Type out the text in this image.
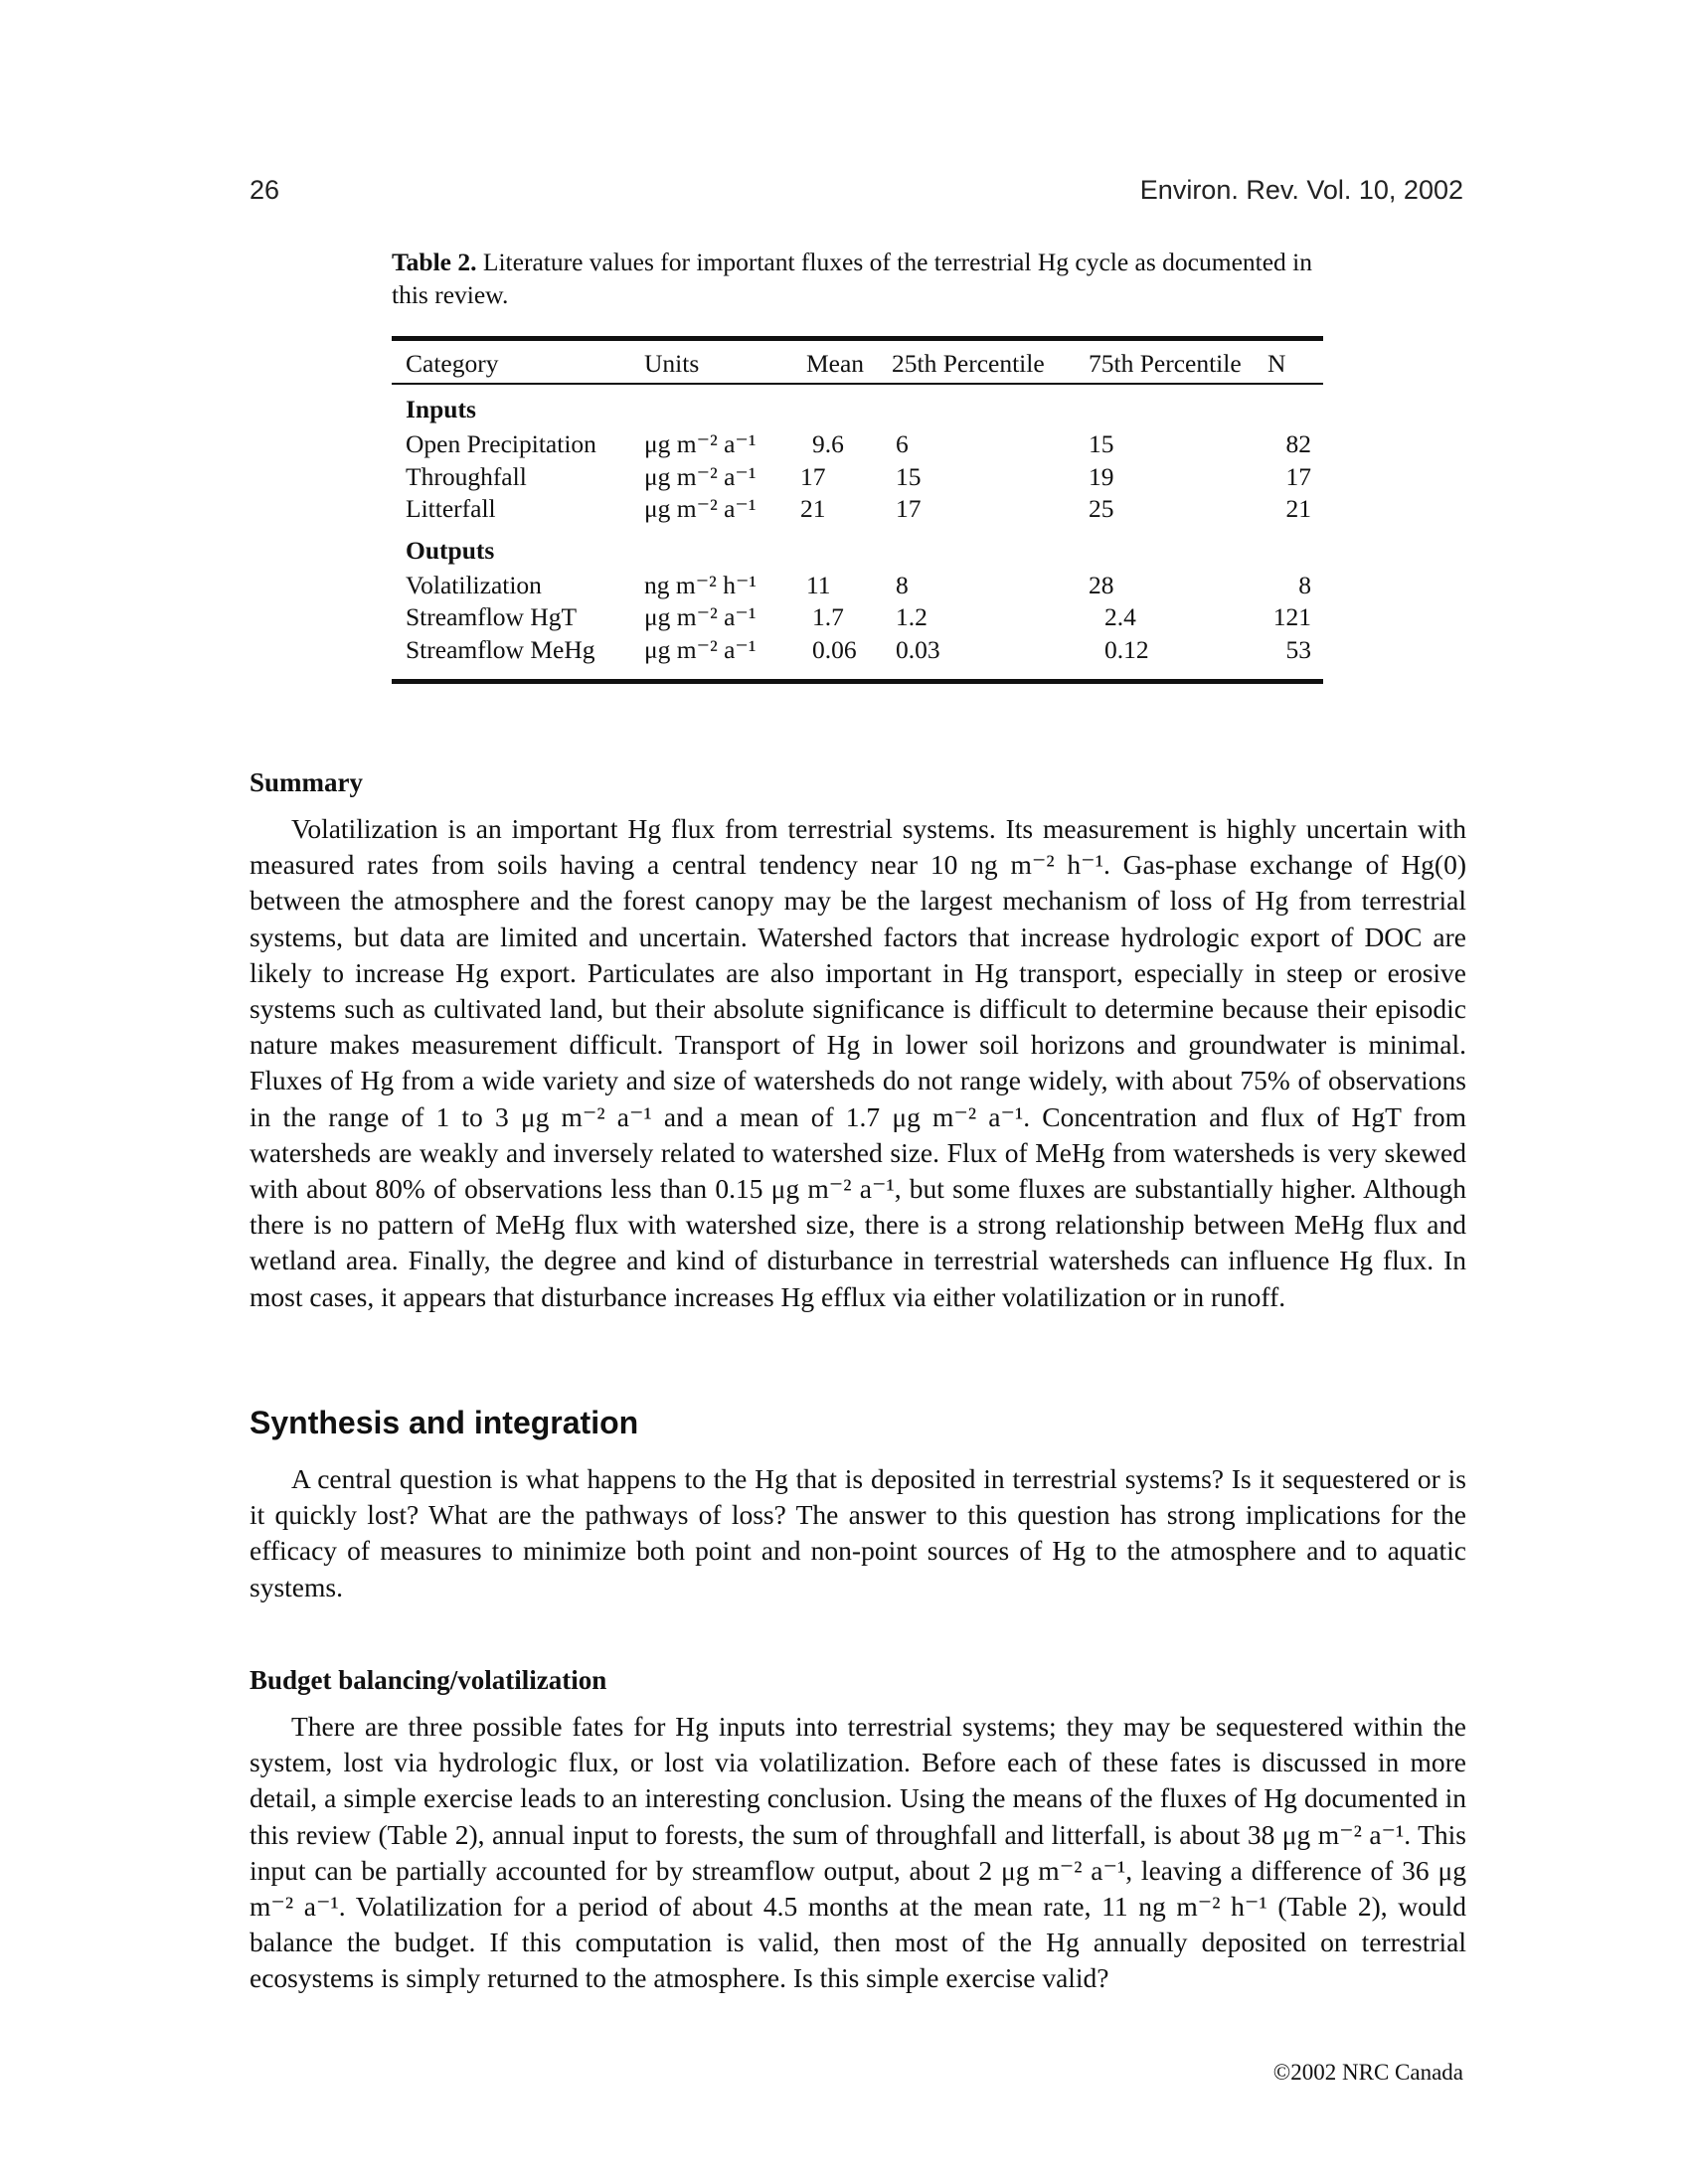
26	Environ. Rev. Vol. 10, 2002
Table 2. Literature values for important fluxes of the terrestrial Hg cycle as documented in this review.
Category	Units	Mean	25th Percentile	75th Percentile	N
Inputs					
Open Precipitation	μg m⁻² a⁻¹	9.6	6	15	82
Throughfall	μg m⁻² a⁻¹	17	15	19	17
Litterfall	μg m⁻² a⁻¹	21	17	25	21
Outputs					
Volatilization	ng m⁻² h⁻¹	11	8	28	8
Streamflow HgT	μg m⁻² a⁻¹	1.7	1.2	2.4	121
Streamflow MeHg	μg m⁻² a⁻¹	0.06	0.03	0.12	53
Summary

Volatilization is an important Hg flux from terrestrial systems. Its measurement is highly uncertain with measured rates from soils having a central tendency near 10 ng m⁻² h⁻¹. Gas-phase exchange of Hg(0) between the atmosphere and the forest canopy may be the largest mechanism of loss of Hg from terrestrial systems, but data are limited and uncertain. Watershed factors that increase hydrologic export of DOC are likely to increase Hg export. Particulates are also important in Hg transport, especially in steep or erosive systems such as cultivated land, but their absolute significance is difficult to determine because their episodic nature makes measurement difficult. Transport of Hg in lower soil horizons and groundwater is minimal. Fluxes of Hg from a wide variety and size of watersheds do not range widely, with about 75% of observations in the range of 1 to 3 μg m⁻² a⁻¹ and a mean of 1.7 μg m⁻² a⁻¹. Concentration and flux of HgT from watersheds are weakly and inversely related to watershed size. Flux of MeHg from watersheds is very skewed with about 80% of observations less than 0.15 μg m⁻² a⁻¹, but some fluxes are substantially higher. Although there is no pattern of MeHg flux with watershed size, there is a strong relationship between MeHg flux and wetland area. Finally, the degree and kind of disturbance in terrestrial watersheds can influence Hg flux. In most cases, it appears that disturbance increases Hg efflux via either volatilization or in runoff.

Synthesis and integration

A central question is what happens to the Hg that is deposited in terrestrial systems? Is it sequestered or is it quickly lost? What are the pathways of loss? The answer to this question has strong implications for the efficacy of measures to minimize both point and non-point sources of Hg to the atmosphere and to aquatic systems.

Budget balancing/volatilization

There are three possible fates for Hg inputs into terrestrial systems; they may be sequestered within the system, lost via hydrologic flux, or lost via volatilization. Before each of these fates is discussed in more detail, a simple exercise leads to an interesting conclusion. Using the means of the fluxes of Hg documented in this review (Table 2), annual input to forests, the sum of throughfall and litterfall, is about 38 μg m⁻² a⁻¹. This input can be partially accounted for by streamflow output, about 2 μg m⁻² a⁻¹, leaving a difference of 36 μg m⁻² a⁻¹. Volatilization for a period of about 4.5 months at the mean rate, 11 ng m⁻² h⁻¹ (Table 2), would balance the budget. If this computation is valid, then most of the Hg annually deposited on terrestrial ecosystems is simply returned to the atmosphere. Is this simple exercise valid?

©2002 NRC Canada
